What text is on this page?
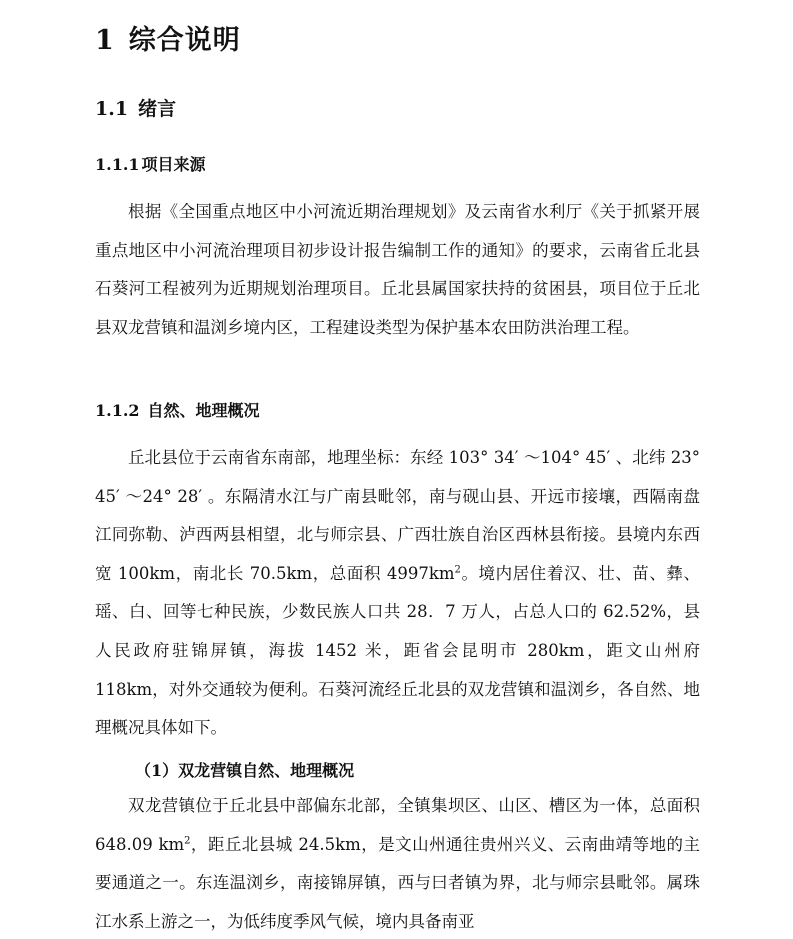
1 综合说明
1.1 绪言
1.1.1 项目来源

根据《全国重点地区中小河流近期治理规划》及云南省水利厅《关于抓紧开展重点地区中小河流治理项目初步设计报告编制工作的通知》的要求，云南省丘北县石葵河工程被列为近期规划治理项目。丘北县属国家扶持的贫困县，项目位于丘北县双龙营镇和温浏乡境内区，工程建设类型为保护基本农田防洪治理工程。

1.1.2 自然、地理概况

丘北县位于云南省东南部，地理坐标：东经 103° 34′ ～104° 45′ 、北纬 23° 45′ ～24° 28′ 。东隔清水江与广南县毗邻，南与砚山县、开远市接壤，西隔南盘江同弥勒、泸西两县相望，北与师宗县、广西壮族自治区西林县衔接。县境内东西宽 100km，南北长 70.5km，总面积 $4997km^2$。境内居住着汉、壮、苗、彝、瑶、白、回等七种民族，少数民族人口共 28．7 万人，占总人口的 62.52%，县人民政府驻锦屏镇，海拔 1452 米，距省会昆明市 280km，距文山州府 118km，对外交通较为便利。石葵河流经丘北县的双龙营镇和温浏乡，各自然、地理概况具体如下。

（1）双龙营镇自然、地理概况

双龙营镇位于丘北县中部偏东北部，全镇集坝区、山区、槽区为一体，总面积 648.09 $km^2$，距丘北县城 24.5km，是文山州通往贵州兴义、云南曲靖等地的主要通道之一。东连温浏乡，南接锦屏镇，西与曰者镇为界，北与师宗县毗邻。属珠江水系上游之一，为低纬度季风气候，境内具备南亚
